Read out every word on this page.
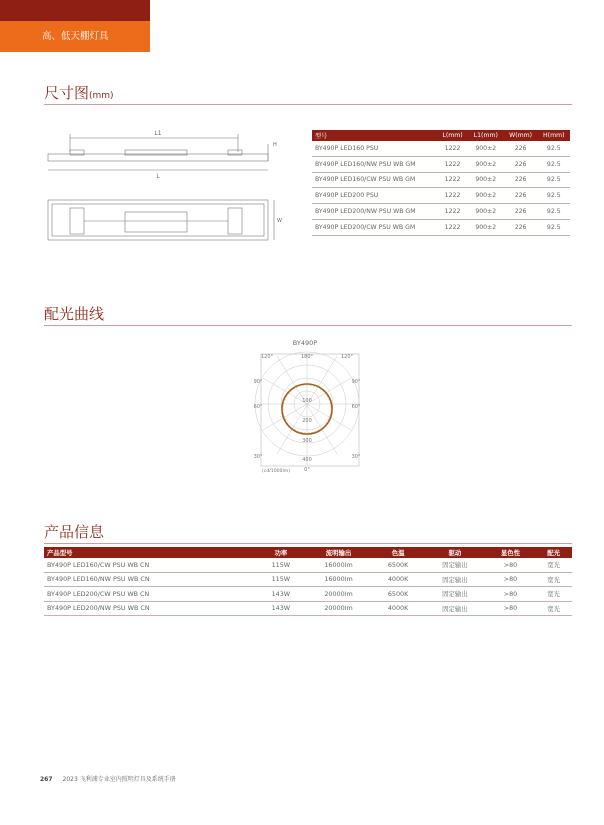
高、低天棚灯具
尺寸图(mm)
L1
L
H
W
型号	L(mm)	L1(mm)	W(mm)	H(mm)
BY490P LED160 PSU	1222	900±2	226	92.5
BY490P LED160/NW PSU WB GM	1222	900±2	226	92.5
BY490P LED160/CW PSU WB GM	1222	900±2	226	92.5
BY490P LED200 PSU	1222	900±2	226	92.5
BY490P LED200/NW PSU WB GM	1222	900±2	226	92.5
BY490P LED200/CW PSU WB GM	1222	900±2	226	92.5
配光曲线
BY490P
180°
120°	120°
90°	90°
60°	60°
30°	30°
0°
100
200
300
400
(cd/1000lm)
产品信息
产品型号	功率	流明输出	色温	驱动	显色性	配光
BY490P LED160/CW PSU WB CN	115W	16000lm	6500K	固定输出	>80	宽光
BY490P LED160/NW PSU WB CN	115W	16000lm	4000K	固定输出	>80	宽光
BY490P LED200/CW PSU WB CN	143W	20000lm	6500K	固定输出	>80	宽光
BY490P LED200/NW PSU WB CN	143W	20000lm	4000K	固定输出	>80	宽光
267 2023 飞利浦专业室内照明灯具及系统手册
